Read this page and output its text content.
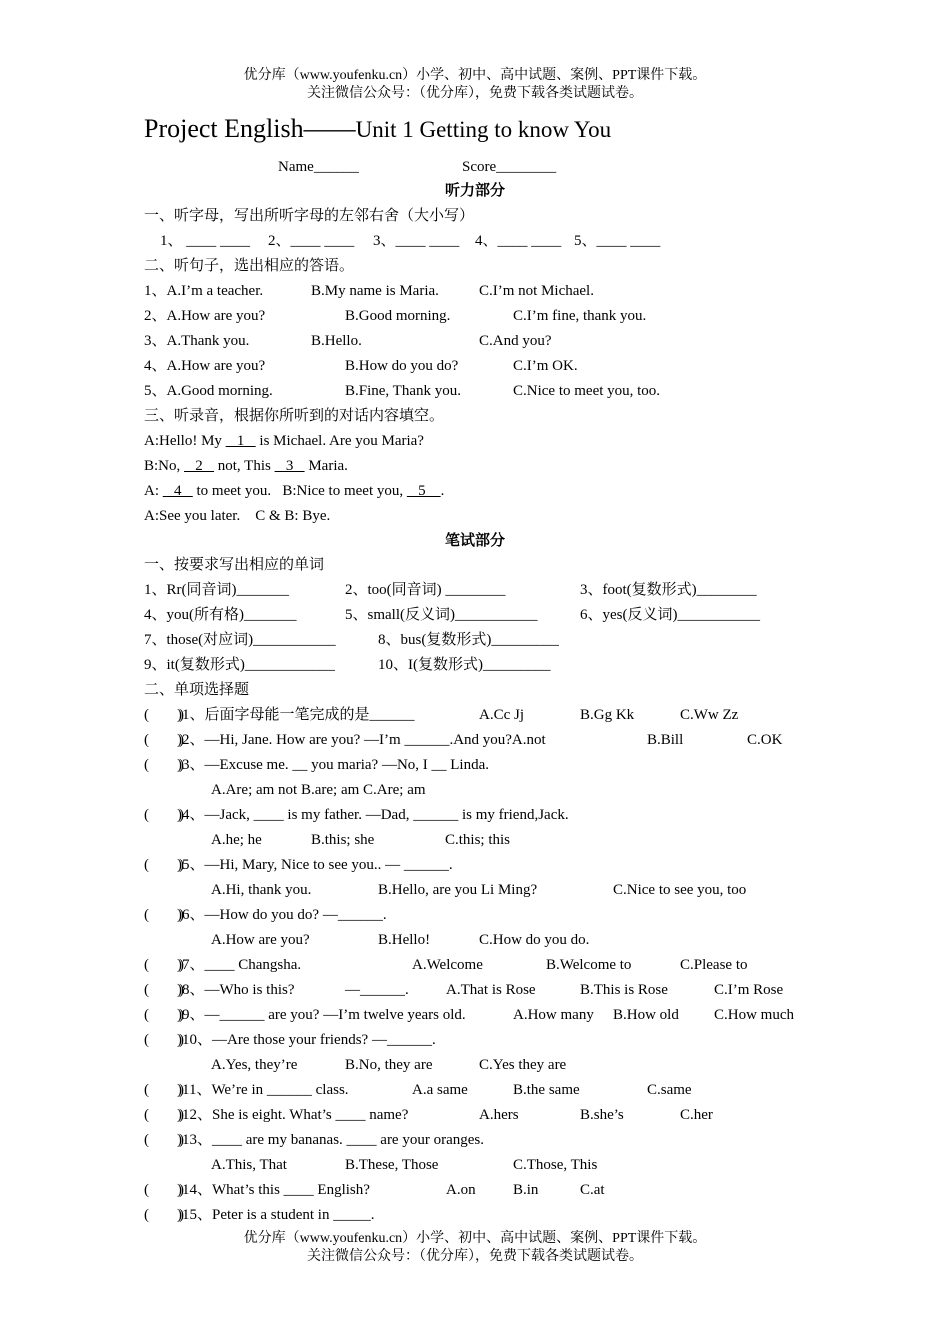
优分库（www.youfenku.cn）小学、初中、高中试题、案例、PPT课件下载。
关注微信公众号：（优分库），免费下载各类试题试卷。
Project English——Unit 1 Getting to know You
Name______	Score________
听力部分
一、听字母，写出所听字母的左邻右舍（大小写）
1、 ____ ____ 2、____ ____ 3、____ ____ 4、____ ____ 5、____ ____
二、听句子，选出相应的答语。
1、A.I’m a teacher.	B.My name is Maria.	C.I’m not Michael.
2、A.How are you?	B.Good morning.	C.I’m fine, thank you.
3、A.Thank you.	B.Hello.	C.And you?
4、A.How are you?	B.How do you do?	C.I’m OK.
5、A.Good morning.	B.Fine, Thank you.	C.Nice to meet you, too.
三、听录音，根据你所听到的对话内容填空。
A:Hello! My    1    is Michael. Are you Maria?
B:No,    2    not, This    3    Maria.
A:    4    to meet you.   B:Nice to meet you,    5    .
A:See you later.    C & B: Bye.
笔试部分
一、按要求写出相应的单词
1、Rr(同音词)_______	2、too(同音词) ________	3、foot(复数形式)________
4、you(所有格)_______	5、small(反义词)___________	6、yes(反义词)___________
7、those(对应词)___________	8、bus(复数形式)_________
9、it(复数形式)____________	10、I(复数形式)_________
二、单项选择题
(        )
)1、后面字母能一笔完成的是______	A.Cc Jj	B.Gg Kk	C.Ww Zz
(        )
)2、—Hi, Jane. How are you? —I’m ______.And you?A.not	B.Bill	C.OK
(        )
)3、—Excuse me. __ you maria? —No, I __ Linda.
A.Are; am not B.are; am C.Are; am
(        )
)4、—Jack, ____ is my father. —Dad, ______ is my friend,Jack.
A.he; he	B.this; she	C.this; this
(        )
)5、—Hi, Mary, Nice to see you.. — ______.
A.Hi, thank you.	B.Hello, are you Li Ming?	C.Nice to see you, too
(        )
)6、—How do you do? —______.
A.How are you?	B.Hello!	C.How do you do.
(        )
)7、____ Changsha.	A.Welcome	B.Welcome to	C.Please to
(        )
)8、—Who is this?	—______. A.That is Rose	B.This is Rose	C.I’m Rose
(        )
)9、—______ are you? —I’m twelve years old.	A.How many B.How old C.How much
(        )
)10、—Are those your friends? —______.
A.Yes, they’re	B.No, they are	C.Yes they are
(        )
)11、We’re in ______ class.	A.a same	B.the same	C.same
(        )
)12、She is eight. What’s ____ name?	A.hers	B.she’s	C.her
(        )
)13、____ are my bananas. ____ are your oranges.
A.This, That	B.These, Those	C.Those, This
(        )
)14、What’s this ____ English?	A.on B.in	C.at
(        )
)15、Peter is a student in _____.
优分库（www.youfenku.cn）小学、初中、高中试题、案例、PPT课件下载。
关注微信公众号：（优分库），免费下载各类试题试卷。
